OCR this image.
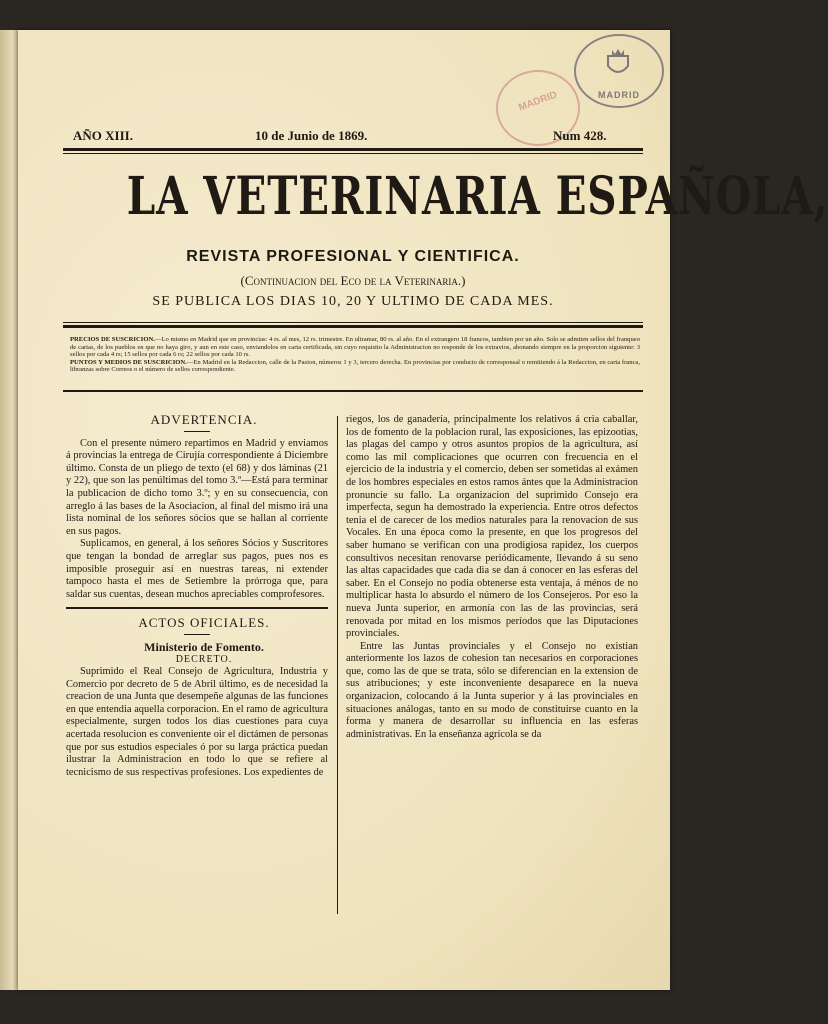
MADRID
MADRID
AÑO XIII.	10 de Junio de 1869.	Num 428.
LA VETERINARIA ESPAÑOLA,
REVISTA PROFESIONAL Y CIENTIFICA.
(Continuacion del Eco de la Veterinaria.)
SE PUBLICA LOS DIAS 10, 20 Y ULTIMO DE CADA MES.
PRECIOS DE SUSCRICION.—Lo mismo en Madrid que en provincias: 4 rs. al mes, 12 rs. trimestre. En ultramar, 80 rs. al año. En el extrangero 18 francos, tambien por un año. Solo se admiten sellos del franqueo de cartas, de los pueblos en que no haya giro, y aun en este caso, enviandolos en carta certificada, sin cuyo requisito la Administracion no responde de los extravios, abonando siempre en la proporcion siguiente: 3 sellos por cada 4 rs; 15 sellos por cada 6 rs; 22 sellos por cada 10 rs.
PUNTOS Y MEDIOS DE SUSCRICION.—En Madrid en la Redaccion, calle de la Pasion, números 1 y 3, tercero derecha. En provincias por conducto de corresponsal o remitiendo á la Redaccion, en carta franca, libranzas sobre Correos o el número de sellos correspondiente.

ADVERTENCIA.

Con el presente número repartimos en Madrid y enviamos á provincias la entrega de Cirujía correspondiente á Diciembre último. Consta de un pliego de texto (el 68) y dos láminas (21 y 22), que son las penúltimas del tomo 3.º—Está para terminar la publicacion de dicho tomo 3.º; y en su consecuencia, con arreglo á las bases de la Asociacion, al final del mismo irá una lista nominal de los señores sócios que se hallan al corriente en sus pagos.

Suplicamos, en general, á los señores Sócios y Suscritores que tengan la bondad de arreglar sus pagos, pues nos es imposible proseguir así en nuestras tareas, ni extender tampoco hasta el mes de Setiembre la prórroga que, para saldar sus cuentas, desean muchos apreciables comprofesores.

ACTOS OFICIALES.

Ministerio de Fomento.

DECRETO.

Suprimido el Real Consejo de Agricultura, Industria y Comercio por decreto de 5 de Abril último, es de necesidad la creacion de una Junta que desempeñe algunas de las funciones en que entendia aquella corporacion. En el ramo de agricultura especialmente, surgen todos los dias cuestiones para cuya acertada resolucion es conveniente oir el dictámen de personas que por sus estudios especiales ó por su larga práctica puedan ilustrar la Administracion en todo lo que se refiere al tecnicismo de sus respectivas profesiones. Los expedientes de

riegos, los de ganadería, principalmente los relativos á cria caballar, los de fomento de la poblacion rural, las exposiciones, las epizootias, las plagas del campo y otros asuntos propios de la agricultura, así como las mil complicaciones que ocurren con frecuencia en el ejercicio de la industria y el comercio, deben ser sometidas al exámen de los hombres especiales en estos ramos ántes que la Administracion pronuncie su fallo. La organizacion del suprimido Consejo era imperfecta, segun ha demostrado la experiencia. Entre otros defectos tenia el de carecer de los medios naturales para la renovacion de sus Vocales. En una época como la presente, en que los progresos del saber humano se verifican con una prodigiosa rapidez, los cuerpos consultivos necesitan renovarse periódicamente, llevando á su seno las altas capacidades que cada dia se dan á conocer en las esferas del saber. En el Consejo no podia obtenerse esta ventaja, á ménos de no multiplicar hasta lo absurdo el número de los Consejeros. Por eso la nueva Junta superior, en armonía con las de las provincias, será renovada por mitad en los mismos períodos que las Diputaciones provinciales.

Entre las Juntas provinciales y el Consejo no existian anteriormente los lazos de cohesion tan necesarios en corporaciones que, como las de que se trata, sólo se diferencian en la extension de sus atribuciones; y este inconveniente desaparece en la nueva organizacion, colocando á la Junta superior y á las provinciales en situaciones análogas, tanto en su modo de constituirse cuanto en la forma y manera de desarrollar su influencia en las esferas administrativas. En la enseñanza agrícola se da
